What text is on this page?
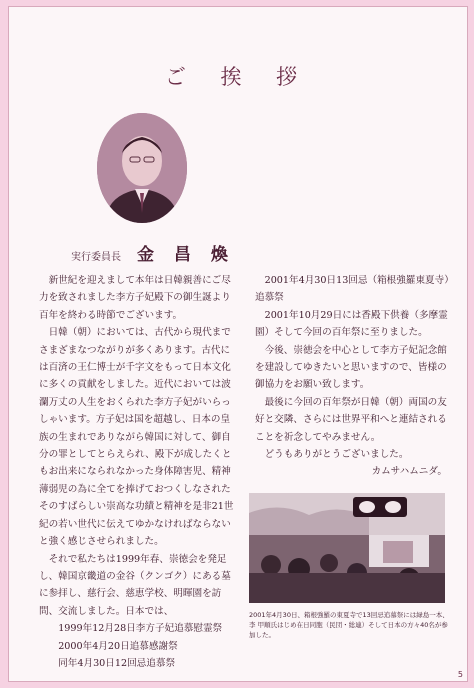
ご 挨 拶
実行委員長 金 昌 煥

新世紀を迎えまして本年は日韓親善にご尽力を致されました李方子妃殿下の御生誕より百年を終わる時節でございます。

日韓（朝）においては、古代から現代までさまざまなつながりが多くあります。古代には百済の王仁博士が千字文をもって日本文化に多くの貢献をしました。近代においては波瀾万丈の人生をおくられた李方子妃がいらっしゃいます。方子妃は国を超越し、日本の皇族の生まれでありながら韓国に対して、御自分の罪としてとらえられ、殿下が成したくともお出来になられなかった身体障害児、精神薄弱児の為に全てを捧げておつくしなされたそのすばらしい崇高な功績と精神を是非21世紀の若い世代に伝えてゆかなければならないと強く感じさせられました。

それで私たちは1999年春、崇徳会を発足し、韓国京畿道の金谷（クンゴク）にある墓に参拝し、慈行会、慈恵学校、明暉園を訪問、交流しました。日本では、

1999年12月28日李方子妃追慕慰霊祭

2000年4月20日追慕感謝祭

同年4月30日12回忌追慕祭

2001年4月30日13回忌（箱根強羅東夏寺）追慕祭

2001年10月29日には香殿下供養（多摩霊園）そして今回の百年祭に至りました。

今後、崇徳会を中心として李方子妃記念館を建設してゆきたいと思いますので、皆様の御協力をお願い致します。

最後に今回の百年祭が日韓（朝）両国の友好と交隣、さらには世界平和へと連結されることを祈念してやみません。

どうもありがとうございました。

カムサハムニダ。

2001年4月30日、箱根強羅の東夏寺で13回忌追慕祭には緑島一本、李 甲順氏はじめ在日同胞（民団・総連）そして日本の方々40名が参加した。
5
